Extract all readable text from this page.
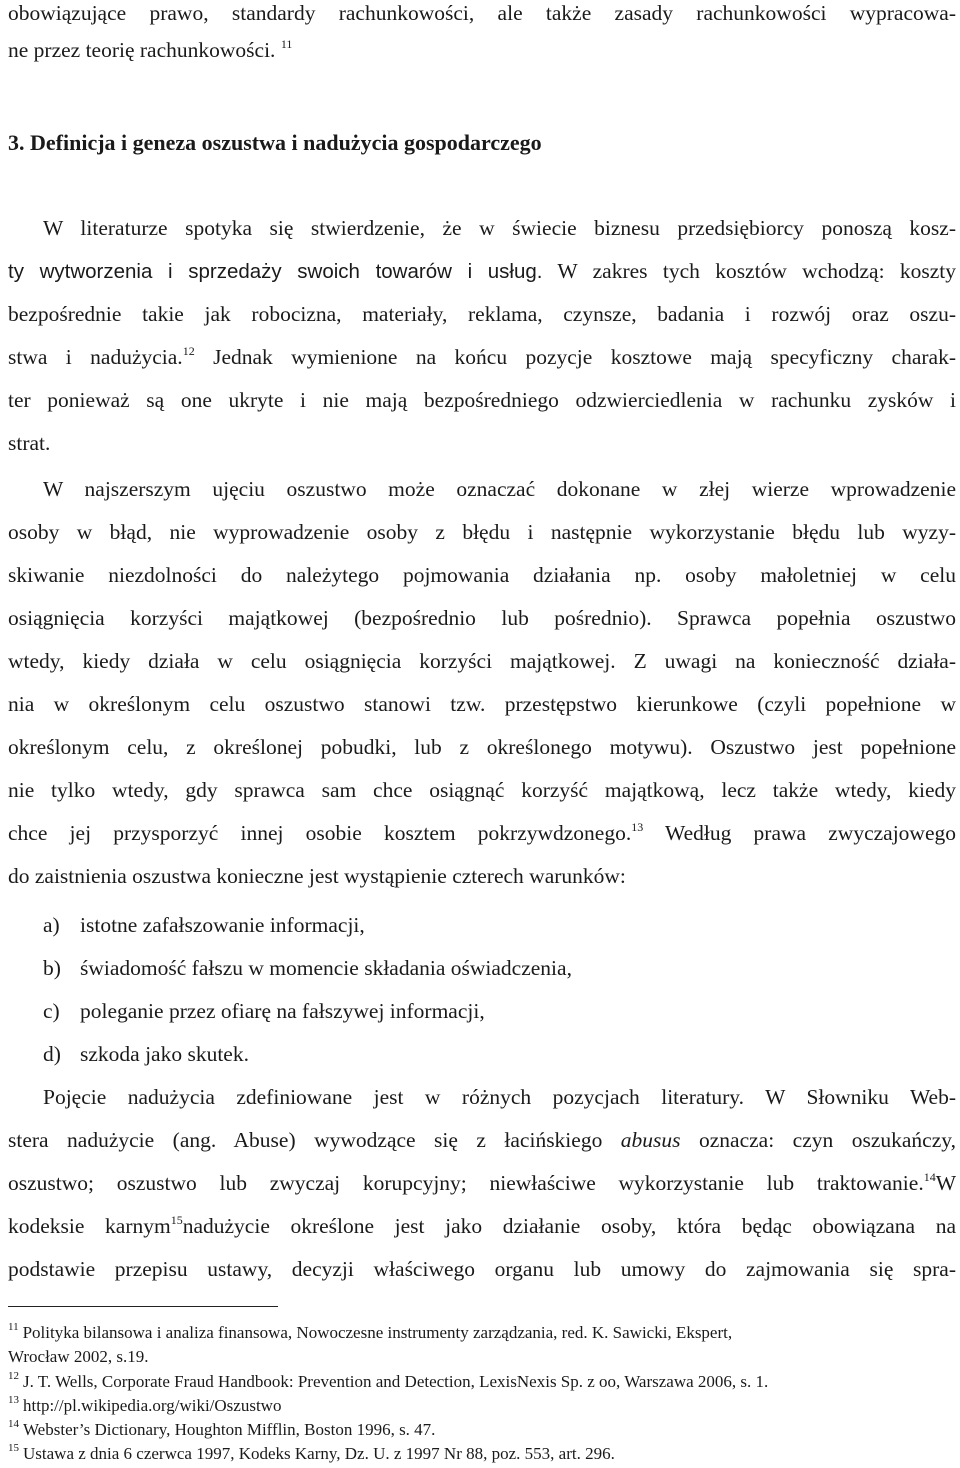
obowiązujące prawo, standardy rachunkowości, ale także zasady rachunkowości wypracowa-
ne przez teorię rachunkowości. $^{11}$
3. Definicja i geneza oszustwa i nadużycia gospodarczego
W literaturze spotyka się stwierdzenie, że w świecie biznesu przedsiębiorcy ponoszą kosz-
ty wytworzenia i sprzedaży swoich towarów i usług. W zakres tych kosztów wchodzą: koszty
bezpośrednie takie jak robocizna, materiały, reklama, czynsze, badania i rozwój oraz oszu-
stwa i nadużycia.$^{12}$ Jednak wymienione na końcu pozycje kosztowe mają specyficzny charak-
ter ponieważ są one ukryte i nie mają bezpośredniego odzwierciedlenia w rachunku zysków i
strat.
W najszerszym ujęciu oszustwo może oznaczać dokonane w złej wierze wprowadzenie
osoby w błąd, nie wyprowadzenie osoby z błędu i następnie wykorzystanie błędu lub wyzy-
skiwanie niezdolności do należytego pojmowania działania np. osoby małoletniej w celu
osiągnięcia korzyści majątkowej (bezpośrednio lub pośrednio). Sprawca popełnia oszustwo
wtedy, kiedy działa w celu osiągnięcia korzyści majątkowej. Z uwagi na konieczność działa-
nia w określonym celu oszustwo stanowi tzw. przestępstwo kierunkowe (czyli popełnione w
określonym celu, z określonej pobudki, lub z określonego motywu). Oszustwo jest popełnione
nie tylko wtedy, gdy sprawca sam chce osiągnąć korzyść majątkową, lecz także wtedy, kiedy
chce jej przysporzyć innej osobie kosztem pokrzywdzonego.$^{13}$ Według prawa zwyczajowego
do zaistnienia oszustwa konieczne jest wystąpienie czterech warunków:
a) istotne zafałszowanie informacji,
b) świadomość fałszu w momencie składania oświadczenia,
c) poleganie przez ofiarę na fałszywej informacji,
d) szkoda jako skutek.
Pojęcie nadużycia zdefiniowane jest w różnych pozycjach literatury. W Słowniku Web-
stera nadużycie (ang. Abuse) wywodzące się z łacińskiego abusus oznacza: czyn oszukańczy,
oszustwo; oszustwo lub zwyczaj korupcyjny; niewłaściwe wykorzystanie lub traktowanie.$^{14}$W
kodeksie karnym$^{15}$nadużycie określone jest jako działanie osoby, która będąc obowiązana na
podstawie przepisu ustawy, decyzji właściwego organu lub umowy do zajmowania się spra-
$^{11}$ Polityka bilansowa i analiza finansowa, Nowoczesne instrumenty zarządzania, red. K. Sawicki, Ekspert,
Wrocław 2002, s.19.
$^{12}$ J. T. Wells, Corporate Fraud Handbook: Prevention and Detection, LexisNexis Sp. z oo, Warszawa 2006, s. 1.
$^{13}$ http://pl.wikipedia.org/wiki/Oszustwo
$^{14}$ Webster’s Dictionary, Houghton Mifflin, Boston 1996, s. 47.
$^{15}$ Ustawa z dnia 6 czerwca 1997, Kodeks Karny, Dz. U. z 1997 Nr 88, poz. 553, art. 296.
